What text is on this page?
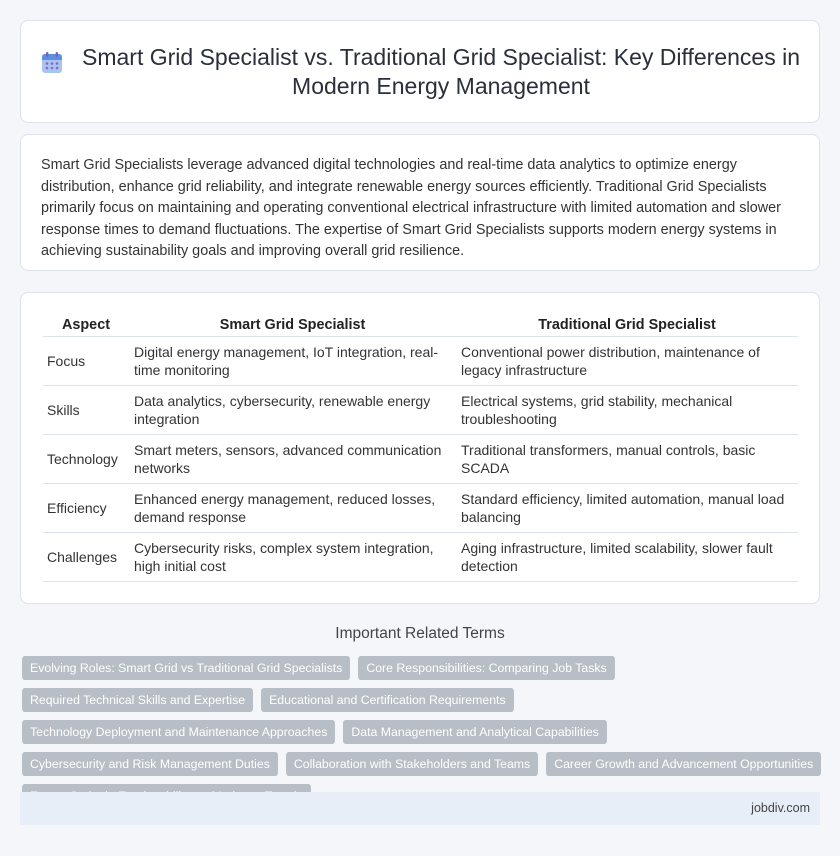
Smart Grid Specialist vs. Traditional Grid Specialist: Key Differences in Modern Energy Management

Smart Grid Specialists leverage advanced digital technologies and real-time data analytics to optimize energy distribution, enhance grid reliability, and integrate renewable energy sources efficiently. Traditional Grid Specialists primarily focus on maintaining and operating conventional electrical infrastructure with limited automation and slower response times to demand fluctuations. The expertise of Smart Grid Specialists supports modern energy systems in achieving sustainability goals and improving overall grid resilience.

Aspect	Smart Grid Specialist	Traditional Grid Specialist
Focus	Digital energy management, IoT integration, real-time monitoring	Conventional power distribution, maintenance of legacy infrastructure
Skills	Data analytics, cybersecurity, renewable energy integration	Electrical systems, grid stability, mechanical troubleshooting
Technology	Smart meters, sensors, advanced communication networks	Traditional transformers, manual controls, basic SCADA
Efficiency	Enhanced energy management, reduced losses, demand response	Standard efficiency, limited automation, manual load balancing
Challenges	Cybersecurity risks, complex system integration, high initial cost	Aging infrastructure, limited scalability, slower fault detection
Important Related Terms
Evolving Roles: Smart Grid vs Traditional Grid Specialists	Core Responsibilities: Comparing Job Tasks
Required Technical Skills and Expertise	Educational and Certification Requirements
Technology Deployment and Maintenance Approaches	Data Management and Analytical Capabilities
Cybersecurity and Risk Management Duties	Collaboration with Stakeholders and Teams	Career Growth and Advancement Opportunities
jobdiv.com
